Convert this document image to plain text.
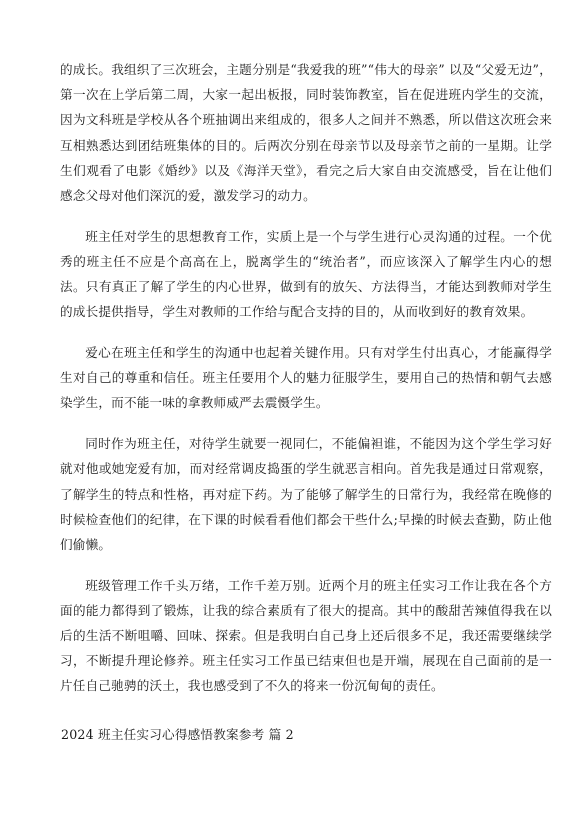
的成长。我组织了三次班会，主题分别是“我爱我的班”“伟大的母亲” 以及“父爱无边”，第一次在上学后第二周，大家一起出板报，同时装饰教室，旨在促进班内学生的交流，因为文科班是学校从各个班抽调出来组成的，很多人之间并不熟悉，所以借这次班会来互相熟悉达到团结班集体的目的。后两次分别在母亲节以及母亲节之前的一星期。让学生们观看了电影《婚纱》以及《海洋天堂》，看完之后大家自由交流感受，旨在让他们感念父母对他们深沉的爱，激发学习的动力。

班主任对学生的思想教育工作，实质上是一个与学生进行心灵沟通的过程。一个优秀的班主任不应是个高高在上，脱离学生的“统治者”，而应该深入了解学生内心的想法。只有真正了解了学生的内心世界，做到有的放矢、方法得当，才能达到教师对学生的成长提供指导，学生对教师的工作给与配合支持的目的，从而收到好的教育效果。

爱心在班主任和学生的沟通中也起着关键作用。只有对学生付出真心，才能赢得学生对自己的尊重和信任。班主任要用个人的魅力征服学生，要用自己的热情和朝气去感染学生，而不能一味的拿教师威严去震慑学生。

同时作为班主任，对待学生就要一视同仁，不能偏袒谁，不能因为这个学生学习好就对他或她宠爱有加，而对经常调皮捣蛋的学生就恶言相向。首先我是通过日常观察，了解学生的特点和性格，再对症下药。为了能够了解学生的日常行为，我经常在晚修的时候检查他们的纪律，在下课的时候看看他们都会干些什么;早操的时候去查勤，防止他们偷懒。

班级管理工作千头万绪，工作千差万别。近两个月的班主任实习工作让我在各个方面的能力都得到了锻炼，让我的综合素质有了很大的提高。其中的酸甜苦辣值得我在以后的生活不断咀嚼、回味、探索。但是我明白自己身上还后很多不足，我还需要继续学习，不断提升理论修养。班主任实习工作虽已结束但也是开端，展现在自己面前的是一片任自己驰骋的沃土，我也感受到了不久的将来一份沉甸甸的责任。

2024 班主任实习心得感悟教案参考 篇 2
